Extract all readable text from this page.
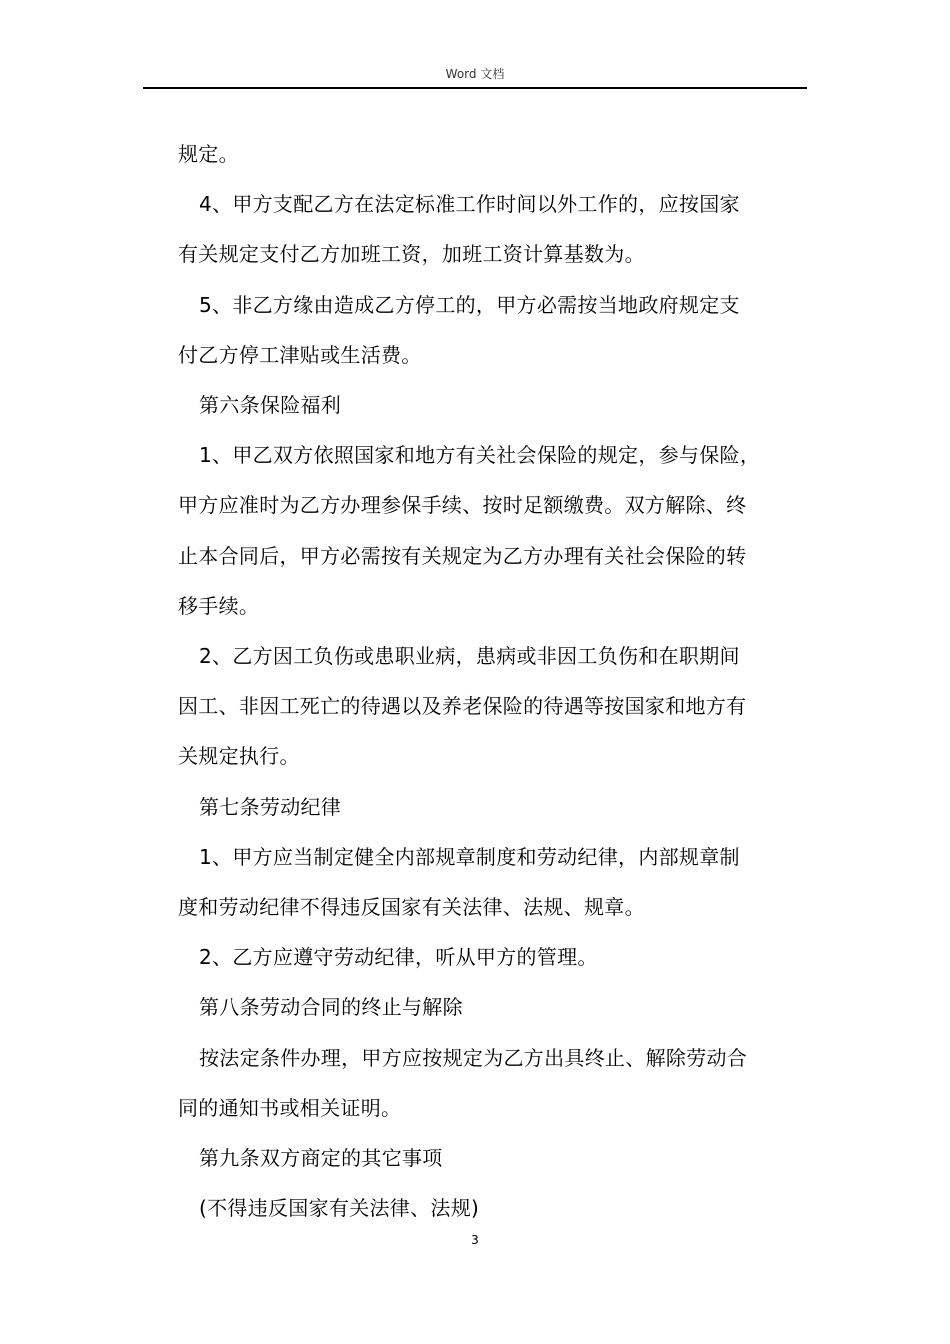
Word 文档
规定。
4、甲方支配乙方在法定标准工作时间以外工作的，应按国家
有关规定支付乙方加班工资，加班工资计算基数为。
5、非乙方缘由造成乙方停工的，甲方必需按当地政府规定支
付乙方停工津贴或生活费。
第六条保险福利
1、甲乙双方依照国家和地方有关社会保险的规定，参与保险，
甲方应准时为乙方办理参保手续、按时足额缴费。双方解除、终
止本合同后，甲方必需按有关规定为乙方办理有关社会保险的转
移手续。
2、乙方因工负伤或患职业病，患病或非因工负伤和在职期间
因工、非因工死亡的待遇以及养老保险的待遇等按国家和地方有
关规定执行。
第七条劳动纪律
1、甲方应当制定健全内部规章制度和劳动纪律，内部规章制
度和劳动纪律不得违反国家有关法律、法规、规章。
2、乙方应遵守劳动纪律，听从甲方的管理。
第八条劳动合同的终止与解除
按法定条件办理，甲方应按规定为乙方出具终止、解除劳动合
同的通知书或相关证明。
第九条双方商定的其它事项
(不得违反国家有关法律、法规)
3
